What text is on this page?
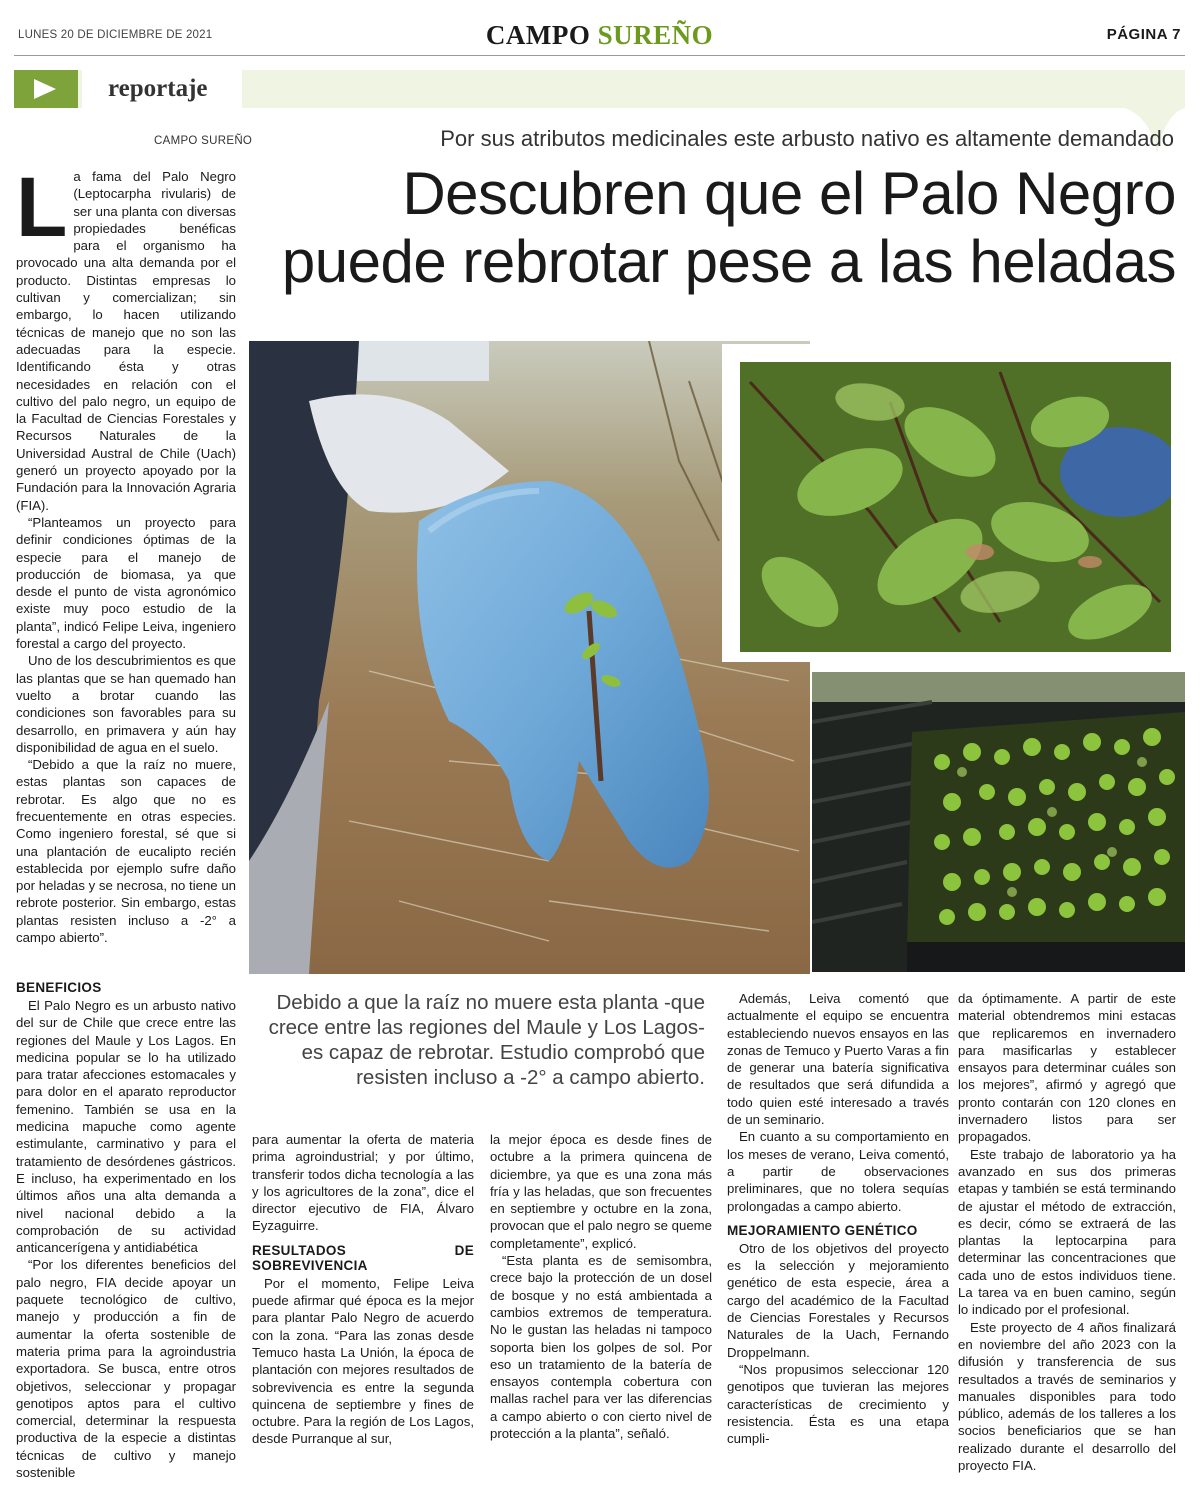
LUNES 20 DE DICIEMBRE DE 2021	CAMPO SUREÑO	PÁGINA 7
reportaje
CAMPO SUREÑO	Por sus atributos medicinales este arbusto nativo es altamente demandado
Descubren que el Palo Negro
puede rebrotar pese a las heladas

La fama del Palo Negro (Leptocarpha rivularis) de ser una planta con diversas propiedades benéficas para el organismo ha provocado una alta demanda por el producto. Distintas empresas lo cultivan y comercializan; sin embargo, lo hacen utilizando técnicas de manejo que no son las adecuadas para la especie. Identificando ésta y otras necesidades en relación con el cultivo del palo negro, un equipo de la Facultad de Ciencias Forestales y Recursos Naturales de la Universidad Austral de Chile (Uach) generó un proyecto apoyado por la Fundación para la Innovación Agraria (FIA).

“Planteamos un proyecto para definir condiciones óptimas de la especie para el manejo de producción de biomasa, ya que desde el punto de vista agronómico existe muy poco estudio de la planta”, indicó Felipe Leiva, ingeniero forestal a cargo del proyecto.

Uno de los descubrimientos es que las plantas que se han quemado han vuelto a brotar cuando las condiciones son favorables para su desarrollo, en primavera y aún hay disponibilidad de agua en el suelo.

“Debido a que la raíz no muere, estas plantas son capaces de rebrotar. Es algo que no es frecuentemente en otras especies. Como ingeniero forestal, sé que si una plantación de eucalipto recién establecida por ejemplo sufre daño por heladas y se necrosa, no tiene un rebrote posterior. Sin embargo, estas plantas resisten incluso a -2° a campo abierto”.

BENEFICIOS

El Palo Negro es un arbusto nativo del sur de Chile que crece entre las regiones del Maule y Los Lagos. En medicina popular se lo ha utilizado para tratar afecciones estomacales y para dolor en el aparato reproductor femenino. También se usa en la medicina mapuche como agente estimulante, carminativo y para el tratamiento de desórdenes gástricos. E incluso, ha experimentado en los últimos años una alta demanda a nivel nacional debido a la comprobación de su actividad anticancerígena y antidiabética

“Por los diferentes beneficios del palo negro, FIA decide apoyar un paquete tecnológico de cultivo, manejo y producción a fin de aumentar la oferta sostenible de materia prima para la agroindustria exportadora. Se busca, entre otros objetivos, seleccionar y propagar genotipos aptos para el cultivo comercial, determinar la respuesta productiva de la especie a distintas técnicas de cultivo y manejo sostenible

Debido a que la raíz no muere esta planta -que crece entre las regiones del Maule y Los Lagos- es capaz de rebrotar. Estudio comprobó que resisten incluso a -2° a campo abierto.

para aumentar la oferta de materia prima agroindustrial; y por último, transferir todos dicha tecnología a las y los agricultores de la zona”, dice el director ejecutivo de FIA, Álvaro Eyzaguirre.

RESULTADOS DE SOBREVIVENCIA

Por el momento, Felipe Leiva puede afirmar qué época es la mejor para plantar Palo Negro de acuerdo con la zona. “Para las zonas desde Temuco hasta La Unión, la época de plantación con mejores resultados de sobrevivencia es entre la segunda quincena de septiembre y fines de octubre. Para la región de Los Lagos, desde Purranque al sur,

la mejor época es desde fines de octubre a la primera quincena de diciembre, ya que es una zona más fría y las heladas, que son frecuentes en septiembre y octubre en la zona, provocan que el palo negro se queme completamente”, explicó.

“Esta planta es de semisombra, crece bajo la protección de un dosel de bosque y no está ambientada a cambios extremos de temperatura. No le gustan las heladas ni tampoco soporta bien los golpes de sol. Por eso un tratamiento de la batería de ensayos contempla cobertura con mallas rachel para ver las diferencias a campo abierto o con cierto nivel de protección a la planta”, señaló.

Además, Leiva comentó que actualmente el equipo se encuentra estableciendo nuevos ensayos en las zonas de Temuco y Puerto Varas a fin de generar una batería significativa de resultados que será difundida a todo quien esté interesado a través de un seminario.

En cuanto a su comportamiento en los meses de verano, Leiva comentó, a partir de observaciones preliminares, que no tolera sequías prolongadas a campo abierto.

MEJORAMIENTO GENÉTICO

Otro de los objetivos del proyecto es la selección y mejoramiento genético de esta especie, área a cargo del académico de la Facultad de Ciencias Forestales y Recursos Naturales de la Uach, Fernando Droppelmann.

“Nos propusimos seleccionar 120 genotipos que tuvieran las mejores características de crecimiento y resistencia. Ésta es una etapa cumpli-

da óptimamente. A partir de este material obtendremos mini estacas que replicaremos en invernadero para masificarlas y establecer ensayos para determinar cuáles son los mejores”, afirmó y agregó que pronto contarán con 120 clones en invernadero listos para ser propagados.

Este trabajo de laboratorio ya ha avanzado en sus dos primeras etapas y también se está terminando de ajustar el método de extracción, es decir, cómo se extraerá de las plantas la leptocarpina para determinar las concentraciones que cada uno de estos individuos tiene. La tarea va en buen camino, según lo indicado por el profesional.

Este proyecto de 4 años finalizará en noviembre del año 2023 con la difusión y transferencia de sus resultados a través de seminarios y manuales disponibles para todo público, además de los talleres a los socios beneficiarios que se han realizado durante el desarrollo del proyecto FIA.
